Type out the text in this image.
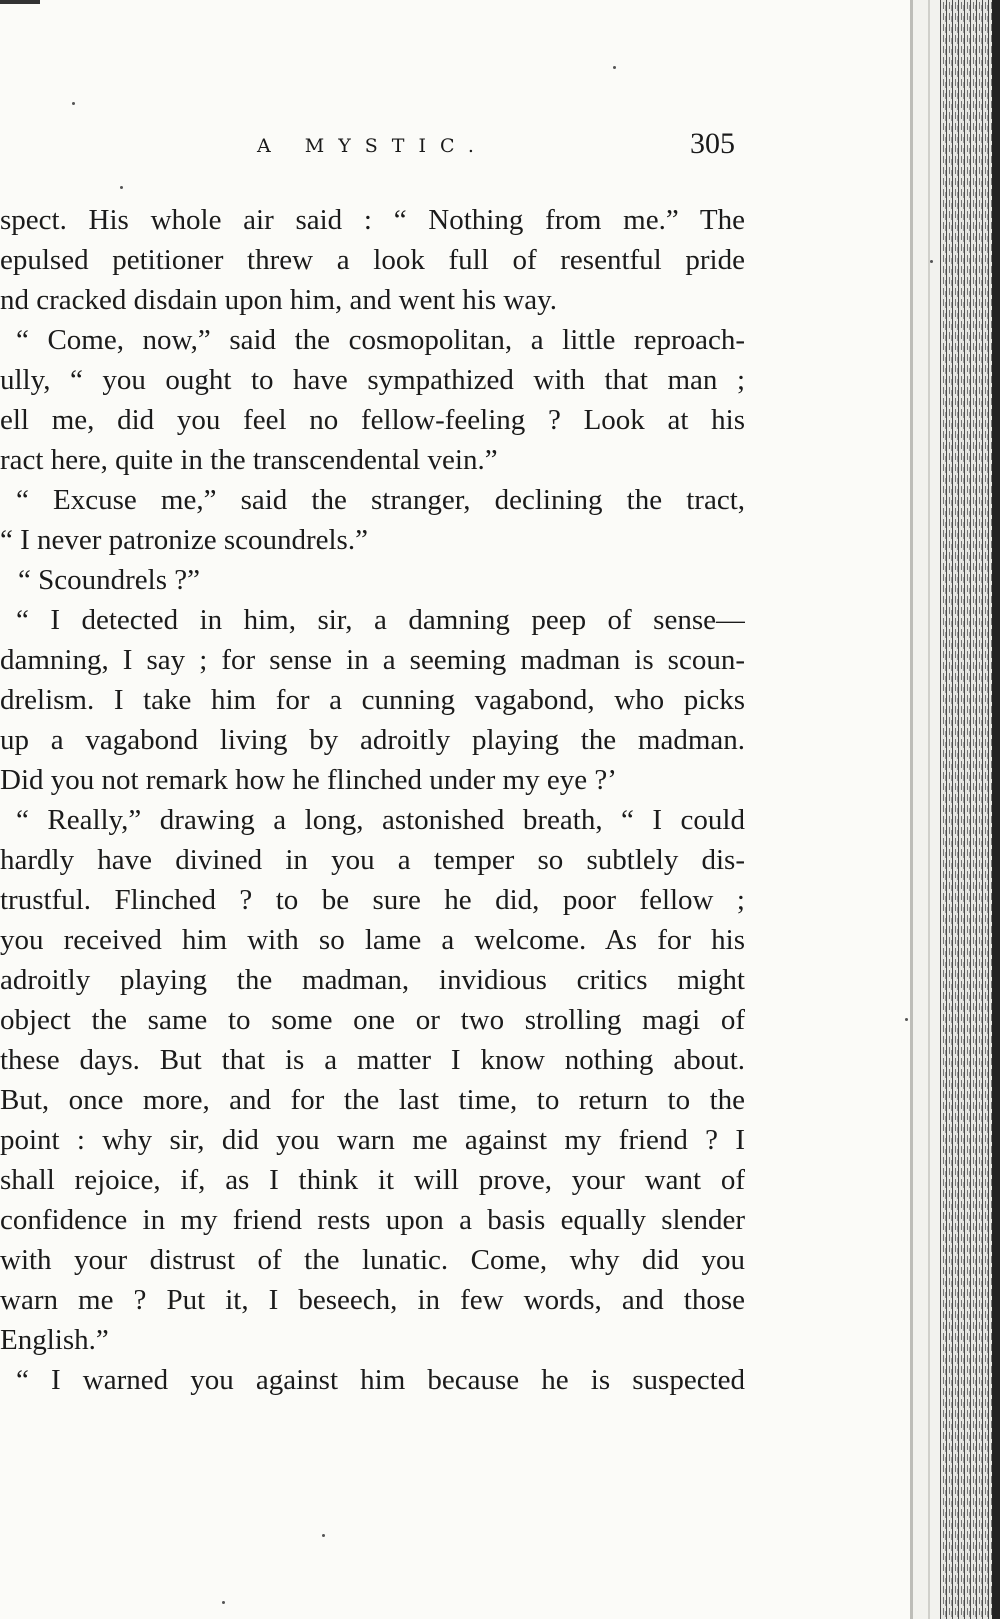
A MYSTIC.	305
spect. His whole air said : “ Nothing from me.” The
epulsed petitioner threw a look full of resentful pride
nd cracked disdain upon him, and went his way.
“ Come, now,” said the cosmopolitan, a little reproach-
ully, “ you ought to have sympathized with that man ;
ell me, did you feel no fellow-feeling ? Look at his
ract here, quite in the transcendental vein.”
“ Excuse me,” said the stranger, declining the tract,
“ I never patronize scoundrels.”
“ Scoundrels ?”
“ I detected in him, sir, a damning peep of sense—
damning, I say ; for sense in a seeming madman is scoun-
drelism. I take him for a cunning vagabond, who picks
up a vagabond living by adroitly playing the madman.
Did you not remark how he flinched under my eye ?’
“ Really,” drawing a long, astonished breath, “ I could
hardly have divined in you a temper so subtlely dis-
trustful. Flinched ? to be sure he did, poor fellow ;
you received him with so lame a welcome. As for his
adroitly playing the madman, invidious critics might
object the same to some one or two strolling magi of
these days. But that is a matter I know nothing about.
But, once more, and for the last time, to return to the
point : why sir, did you warn me against my friend ? I
shall rejoice, if, as I think it will prove, your want of
confidence in my friend rests upon a basis equally slender
with your distrust of the lunatic. Come, why did you
warn me ? Put it, I beseech, in few words, and those
English.”
“ I warned you against him because he is suspected
